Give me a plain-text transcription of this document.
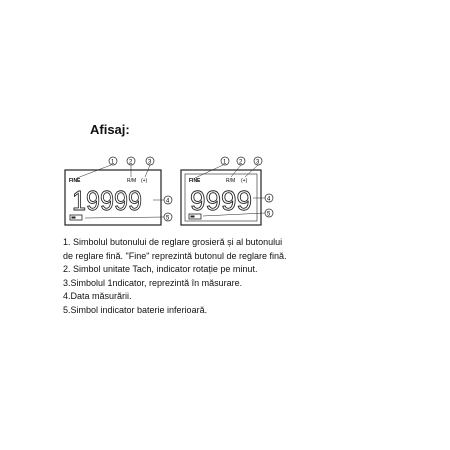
Afisaj:
FINE	R/M (+)
19999
1 2	3
4
5
FINE	R/M (+)
9999
1 2 3
4
5
1. Simbolul butonului de reglare grosieră și al butonului
de reglare fină. "Fine" reprezintă butonul de reglare fină.
2. Simbol unitate Tach, indicator rotație pe minut.
3.Simbolul 1ndicator, reprezintă în măsurare.
4.Data măsurării.
5.Simbol indicator baterie inferioară.
